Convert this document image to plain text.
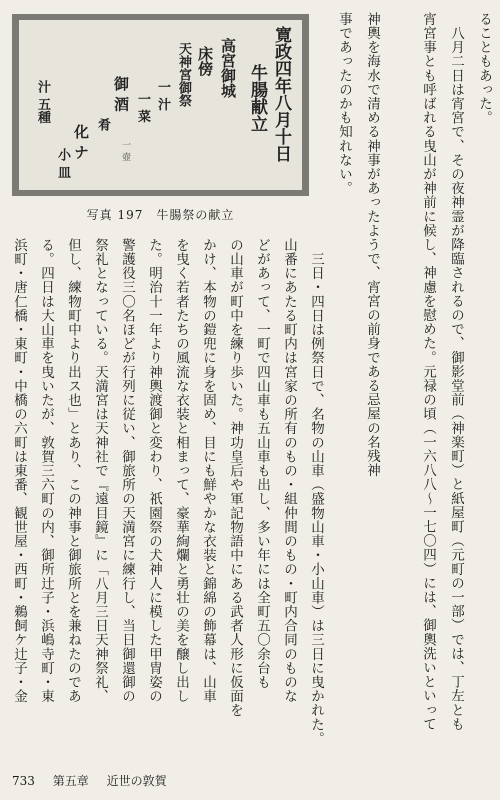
寛政四年八月十日
牛腸献立
高宮御城
床傍
天神宮御祭
一 汁
一 菜
御 酒
肴
化 ナ
小 皿
汁 五種
一 壺
写真 197　牛腸祭の献立
ることもあった。
　八月二日は宵宮で、その夜神霊が降臨されるので、御影堂前（神楽町）と紙屋町（元町の一部）では、丁左とも
宵宮事とも呼ばれる曳山が神前に候し、神慮を慰めた。元禄の頃（一六八八〜一七〇四）には、御輿洗いといって
神輿を海水で清める神事があったようで、宵宮の前身である忌屋の名残神
事であったのかも知れない。
　三日・四日は例祭日で、名物の山車（盛物山車・小山車）は三日に曳かれた。
山番にあたる町内は宮家の所有のもの・組仲間のもの・町内合同のものな
どがあって、一町で四山車も五山車も出し、多い年には全町五〇余台も
の山車が町中を練り歩いた。神功皇后や軍記物語中にある武者人形に仮面を
かけ、本物の鎧兜に身を固め、目にも鮮やかな衣装と錦綿の飾幕は、山車
を曳く若者たちの風流な衣装と相まって、豪華絢爛と勇壮の美を醸し出し
た。明治十一年より神輿渡御と変わり、祇園祭の犬神人に模した甲冑姿の
警護役三〇名ほどが行列に従い、御旅所の天満宮に練行し、当日御還御の
祭礼となっている。天満宮は天神社で『遠目鏡』に「八月三日天神祭礼、
但し、練物町中より出ス也」とあり、この神事と御旅所とを兼ねたのであ
る。四日は大山車を曳いたが、敦賀三六町の内、御所辻子・浜嶋寺町・東
浜町・唐仁橋・東町・中橋の六町は東番、観世屋・西町・鵜飼ケ辻子・金
733 第五章 近世の敦賀
